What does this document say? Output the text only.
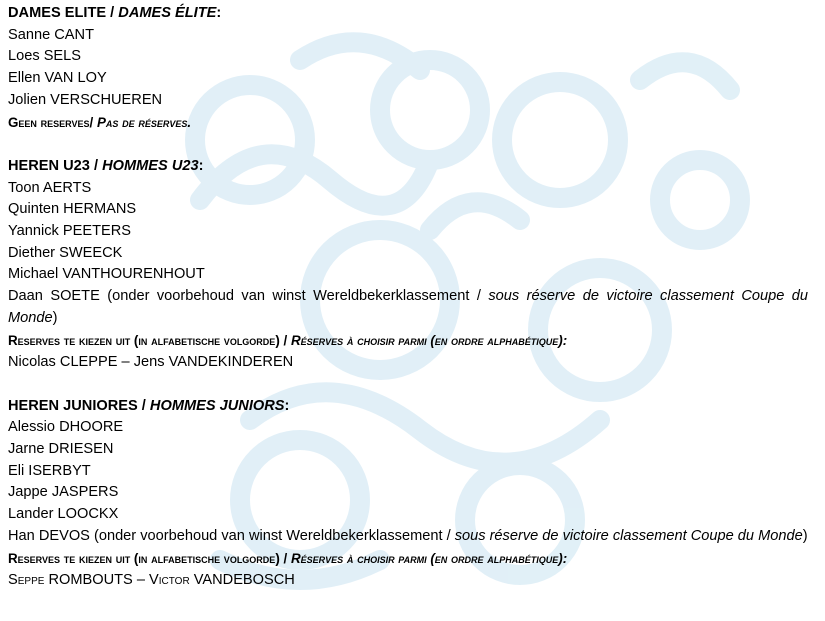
DAMES ELITE / DAMES ÉLITE:
Sanne CANT
Loes SELS
Ellen VAN LOY
Jolien VERSCHUEREN
Geen reserves/ Pas de réserves.
HEREN U23 / HOMMES U23:
Toon AERTS
Quinten HERMANS
Yannick PEETERS
Diether SWEECK
Michael VANTHOURENHOUT
Daan SOETE (onder voorbehoud van winst Wereldbekerklassement / sous réserve de victoire classement Coupe du Monde)
Reserves te kiezen uit (in alfabetische volgorde) / Réserves à choisir parmi (en ordre alphabétique):
Nicolas CLEPPE – Jens VANDEKINDEREN
HEREN JUNIORES / HOMMES JUNIORS:
Alessio DHOORE
Jarne DRIESEN
Eli ISERBYT
Jappe JASPERS
Lander LOOCKX
Han DEVOS (onder voorbehoud van winst Wereldbekerklassement / sous réserve de victoire classement Coupe du Monde)
Reserves te kiezen uit (in alfabetische volgorde) / Réserves à choisir parmi (en ordre alphabétique):
Seppe ROMBOUTS – Victor VANDEBOSCH
